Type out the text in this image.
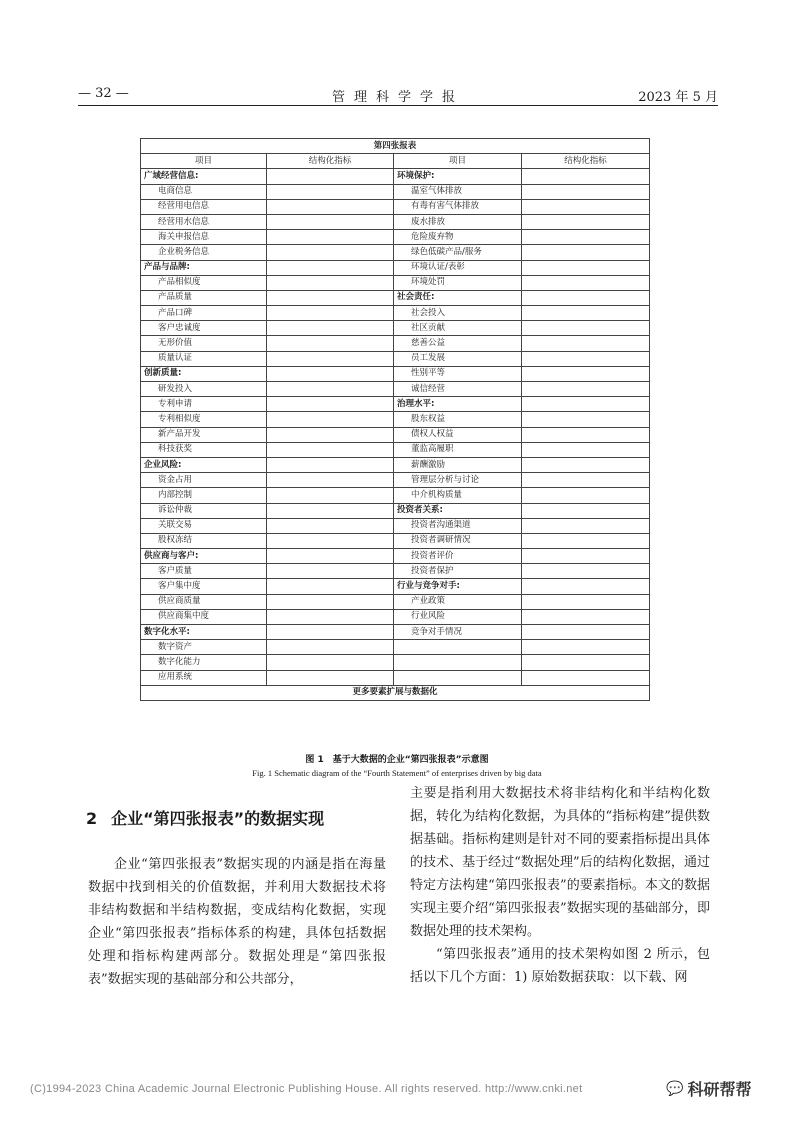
— 32 —	管理科学学报	2023 年 5 月
第四张报表			
项目	结构化指标	项目	结构化指标
广域经营信息:		环境保护:	
电商信息		温室气体排放	
经营用电信息		有毒有害气体排放	
经营用水信息		废水排放	
海关申报信息		危险废弃物	
企业税务信息		绿色低碳产品/服务	
产品与品牌:		环境认证/表彰	
产品相似度		环境处罚	
产品质量		社会责任:	
产品口碑		社会投入	
客户忠诚度		社区贡献	
无形价值		慈善公益	
质量认证		员工发展	
创新质量:		性别平等	
研发投入		诚信经营	
专利申请		治理水平:	
专利相似度		股东权益	
新产品开发		债权人权益	
科技获奖		董监高履职	
企业风险:		薪酬激励	
资金占用		管理层分析与讨论	
内部控制		中介机构质量	
诉讼仲裁		投资者关系:	
关联交易		投资者沟通渠道	
股权冻结		投资者调研情况	
供应商与客户:		投资者评价	
客户质量		投资者保护	
客户集中度		行业与竞争对手:	
供应商质量		产业政策	
供应商集中度		行业风险	
数字化水平:		竞争对手情况	
数字资产			
数字化能力			
应用系统			
更多要素扩展与数据化			
图 1　基于大数据的企业“第四张报表”示意图
Fig. 1 Schematic diagram of the “Fourth Statement” of enterprises driven by big data
2 企业“第四张报表”的数据实现

企业“第四张报表”数据实现的内涵是指在海量数据中找到相关的价值数据，并利用大数据技术将非结构数据和半结构数据，变成结构化数据，实现企业“第四张报表”指标体系的构建，具体包括数据处理和指标构建两部分。数据处理是“第四张报表”数据实现的基础部分和公共部分，

主要是指利用大数据技术将非结构化和半结构化数据，转化为结构化数据，为具体的“指标构建”提供数据基础。指标构建则是针对不同的要素指标提出具体的技术、基于经过“数据处理”后的结构化数据，通过特定方法构建“第四张报表”的要素指标。本文的数据实现主要介绍“第四张报表”数据实现的基础部分，即数据处理的技术架构。

“第四张报表”通用的技术架构如图 2 所示，包括以下几个方面：1) 原始数据获取：以下载、网

(C)1994-2023 China Academic Journal Electronic Publishing House. All rights reserved. http://www.cnki.net	💬 科研帮帮
